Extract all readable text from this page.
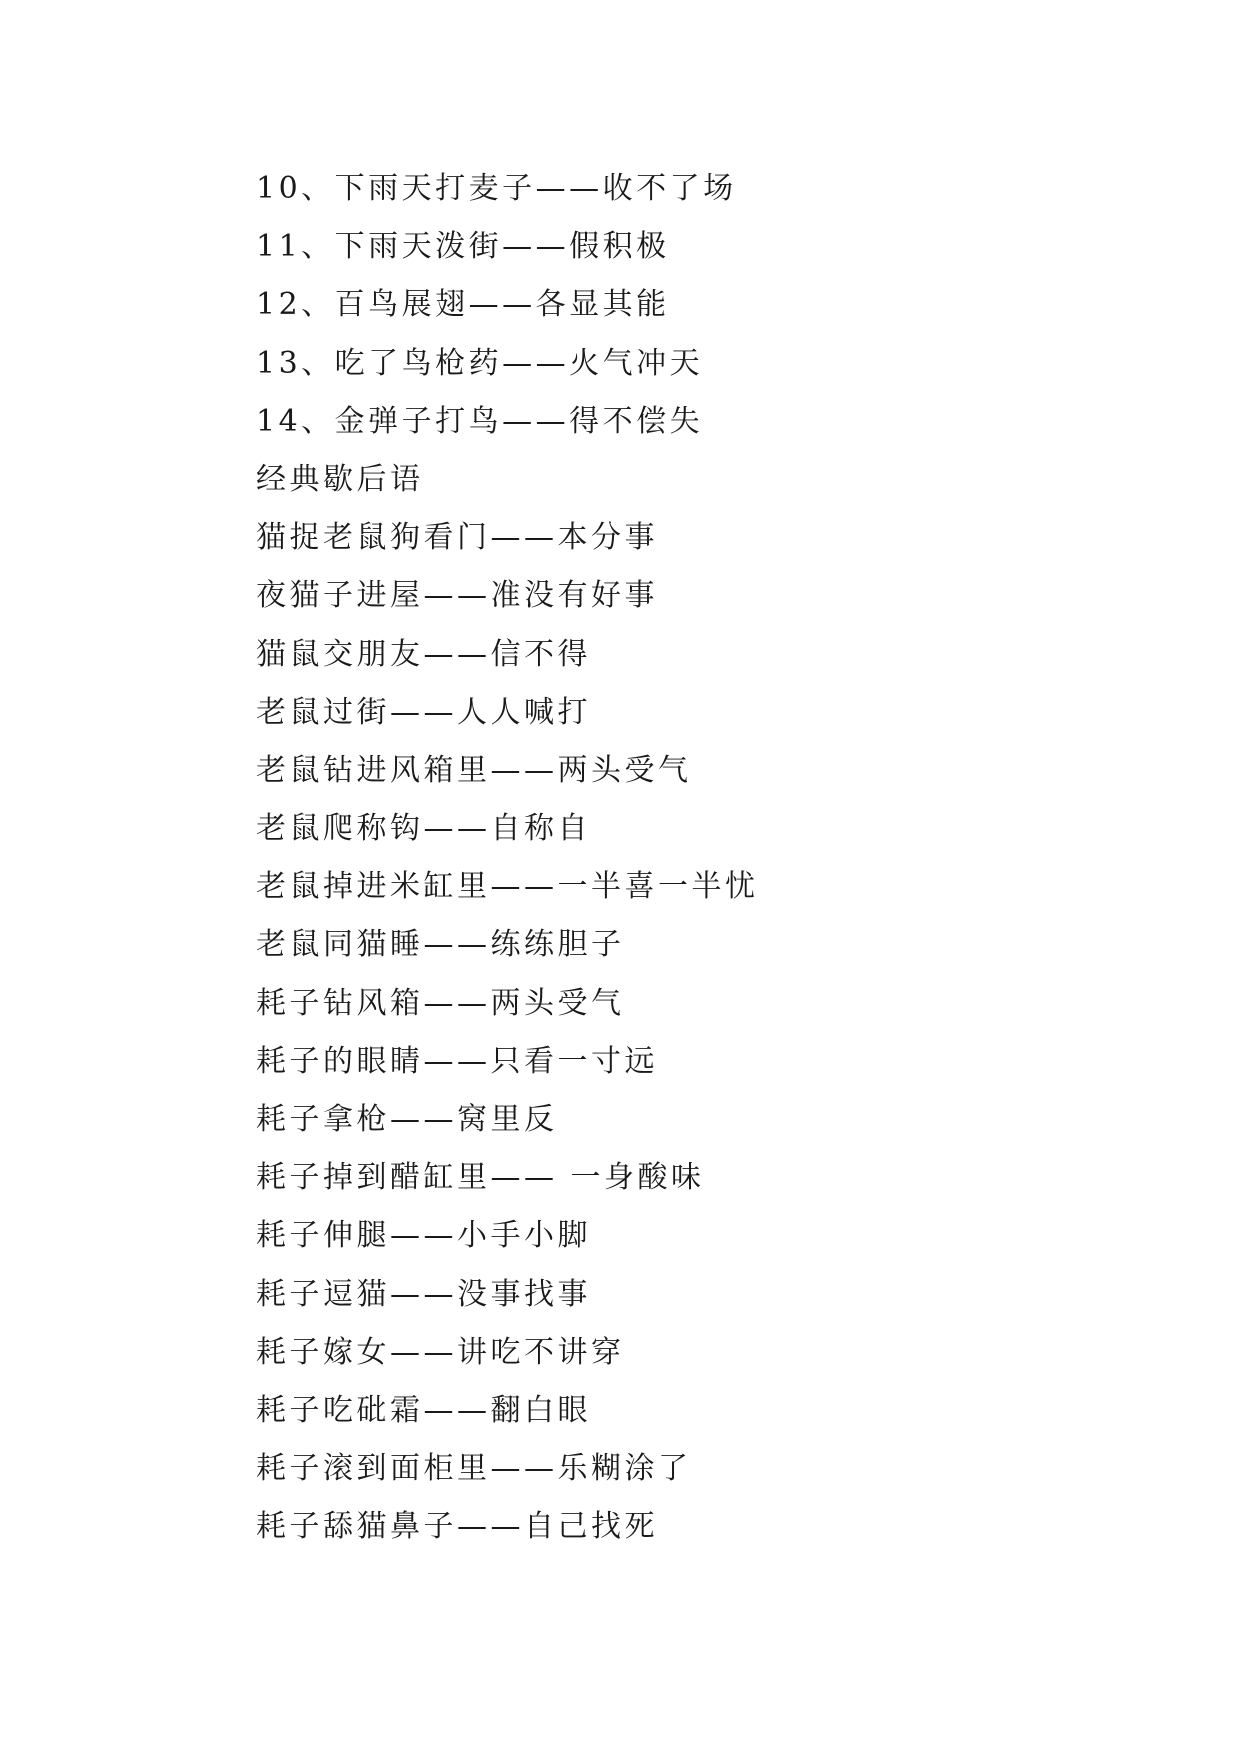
10、下雨天打麦子——收不了场
11、下雨天泼街——假积极
12、百鸟展翅——各显其能
13、吃了鸟枪药——火气冲天
14、金弹子打鸟——得不偿失
经典歇后语
猫捉老鼠狗看门——本分事
夜猫子进屋——准没有好事
猫鼠交朋友——信不得
老鼠过街——人人喊打
老鼠钻进风箱里——两头受气
老鼠爬称钩——自称自
老鼠掉进米缸里——一半喜一半忧
老鼠同猫睡——练练胆子
耗子钻风箱——两头受气
耗子的眼睛——只看一寸远
耗子拿枪——窝里反
耗子掉到醋缸里—— 一身酸味
耗子伸腿——小手小脚
耗子逗猫——没事找事
耗子嫁女——讲吃不讲穿
耗子吃砒霜——翻白眼
耗子滚到面柜里——乐糊涂了
耗子舔猫鼻子——自己找死
